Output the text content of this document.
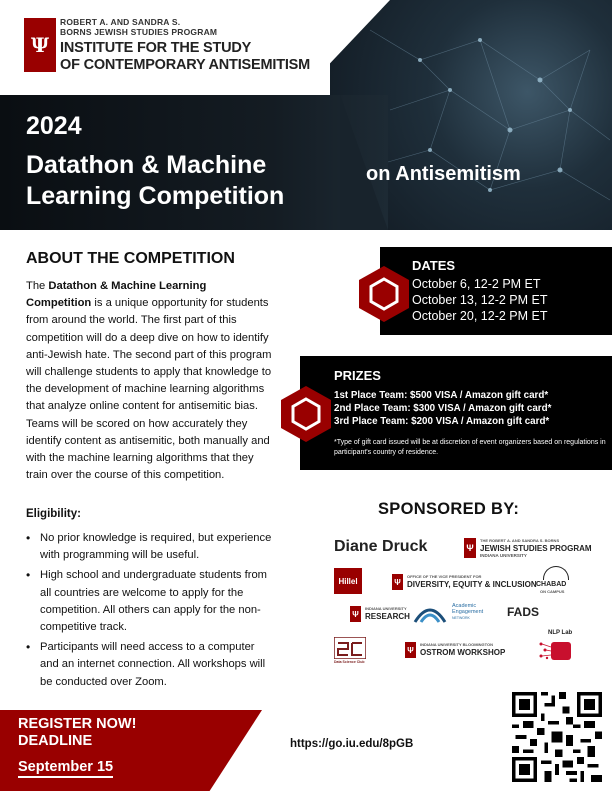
Ψ
ROBERT A. AND SANDRA S.
BORNS JEWISH STUDIES PROGRAM
INSTITUTE FOR THE STUDY
OF CONTEMPORARY ANTISEMITISM
2024
Datathon & Machine
Learning Competition
on Antisemitism
ABOUT THE COMPETITION
The Datathon & Machine Learning Competition is a unique opportunity for students from around the world. The first part of this competition will do a deep dive on how to identify anti-Jewish hate. The second part of this program will challenge students to apply that knowledge to the development of machine learning algorithms that analyze online content for antisemitic bias. Teams will be scored on how accurately they identify content as antisemitic, both manually and with the machine learning algorithms that they train over the course of this competition.
Eligibility:
• No prior knowledge is required, but experience with programming will be useful.
• High school and undergraduate students from all countries are welcome to apply for the competition. All others can apply for the non-competitive track.
• Participants will need access to a computer and an internet connection. All workshops will be conducted over Zoom.
DATES
October 6, 12-2 PM ET
October 13, 12-2 PM ET
October 20, 12-2 PM ET
PRIZES
1st Place Team: $500 VISA / Amazon gift card*
2nd Place Team: $300 VISA / Amazon gift card*
3rd Place Team: $200 VISA / Amazon gift card*
*Type of gift card issued will be at discretion of event organizers based on regulations in participant's country of residence.
SPONSORED BY:
Diane Druck	Ψ
THE ROBERT A. AND SANDRA S. BORNS
JEWISH STUDIES PROGRAM
INDIANA UNIVERSITY
Hillel	Ψ
OFFICE OF THE VICE PRESIDENT FOR
DIVERSITY, EQUITY & INCLUSION CHABAD
ON CAMPUS
Ψ
INDIANA UNIVERSITY
RESEARCH
Academic
Engagement
NETWORK	FADS
Data Science Club
Ψ
INDIANA UNIVERSITY BLOOMINGTON
OSTROM WORKSHOP
NLP Lab
REGISTER NOW!
DEADLINE
September 15
https://go.iu.edu/8pGB
